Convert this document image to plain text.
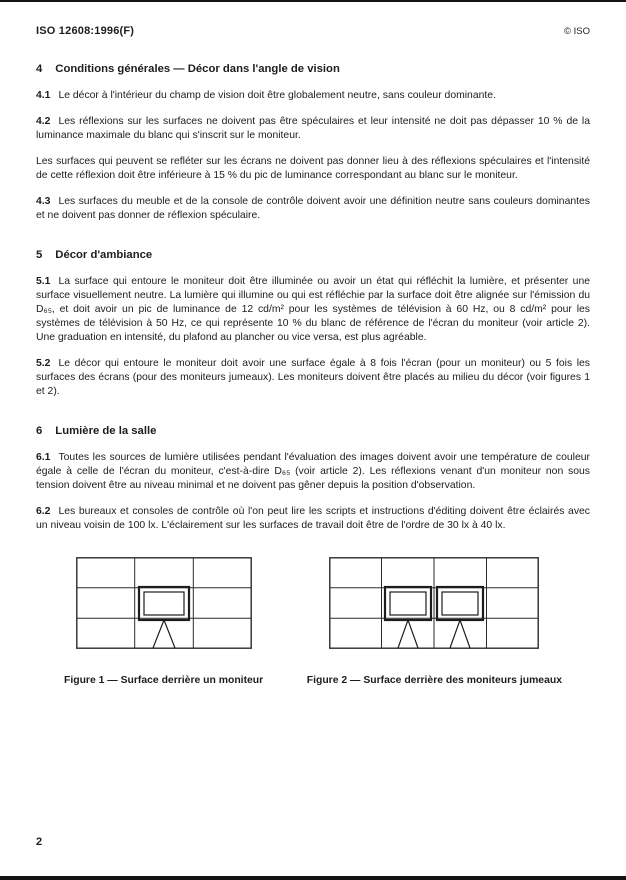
ISO 12608:1996(F)	© ISO
4 Conditions générales — Décor dans l'angle de vision

4.1 Le décor à l'intérieur du champ de vision doit être globalement neutre, sans couleur dominante.

4.2 Les réflexions sur les surfaces ne doivent pas être spéculaires et leur intensité ne doit pas dépasser 10 % de la luminance maximale du blanc qui s'inscrit sur le moniteur.

Les surfaces qui peuvent se refléter sur les écrans ne doivent pas donner lieu à des réflexions spéculaires et l'intensité de cette réflexion doit être inférieure à 15 % du pic de luminance correspondant au blanc sur le moniteur.

4.3 Les surfaces du meuble et de la console de contrôle doivent avoir une définition neutre sans couleurs dominantes et ne doivent pas donner de réflexion spéculaire.

5 Décor d'ambiance

5.1 La surface qui entoure le moniteur doit être illuminée ou avoir un état qui réfléchit la lumière, et présenter une surface visuellement neutre. La lumière qui illumine ou qui est réfléchie par la surface doit être alignée sur l'émission du D₆₅, et doit avoir un pic de luminance de 12 cd/m² pour les systèmes de télévision à 60 Hz, ou 8 cd/m² pour les systèmes de télévision à 50 Hz, ce qui représente 10 % du blanc de référence de l'écran du moniteur (voir article 2). Une graduation en intensité, du plafond au plancher ou vice versa, est plus agréable.

5.2 Le décor qui entoure le moniteur doit avoir une surface égale à 8 fois l'écran (pour un moniteur) ou 5 fois les surfaces des écrans (pour des moniteurs jumeaux). Les moniteurs doivent être placés au milieu du décor (voir figures 1 et 2).

6 Lumière de la salle

6.1 Toutes les sources de lumière utilisées pendant l'évaluation des images doivent avoir une température de couleur égale à celle de l'écran du moniteur, c'est-à-dire D₆₅ (voir article 2). Les réflexions venant d'un moniteur non sous tension doivent être au niveau minimal et ne doivent pas gêner depuis la position d'observation.

6.2 Les bureaux et consoles de contrôle où l'on peut lire les scripts et instructions d'éditing doivent être éclairés avec un niveau voisin de 100 lx. L'éclairement sur les surfaces de travail doit être de l'ordre de 30 lx à 40 lx.

Figure 1 — Surface derrière un moniteur	Figure 2 — Surface derrière des moniteurs jumeaux
2
